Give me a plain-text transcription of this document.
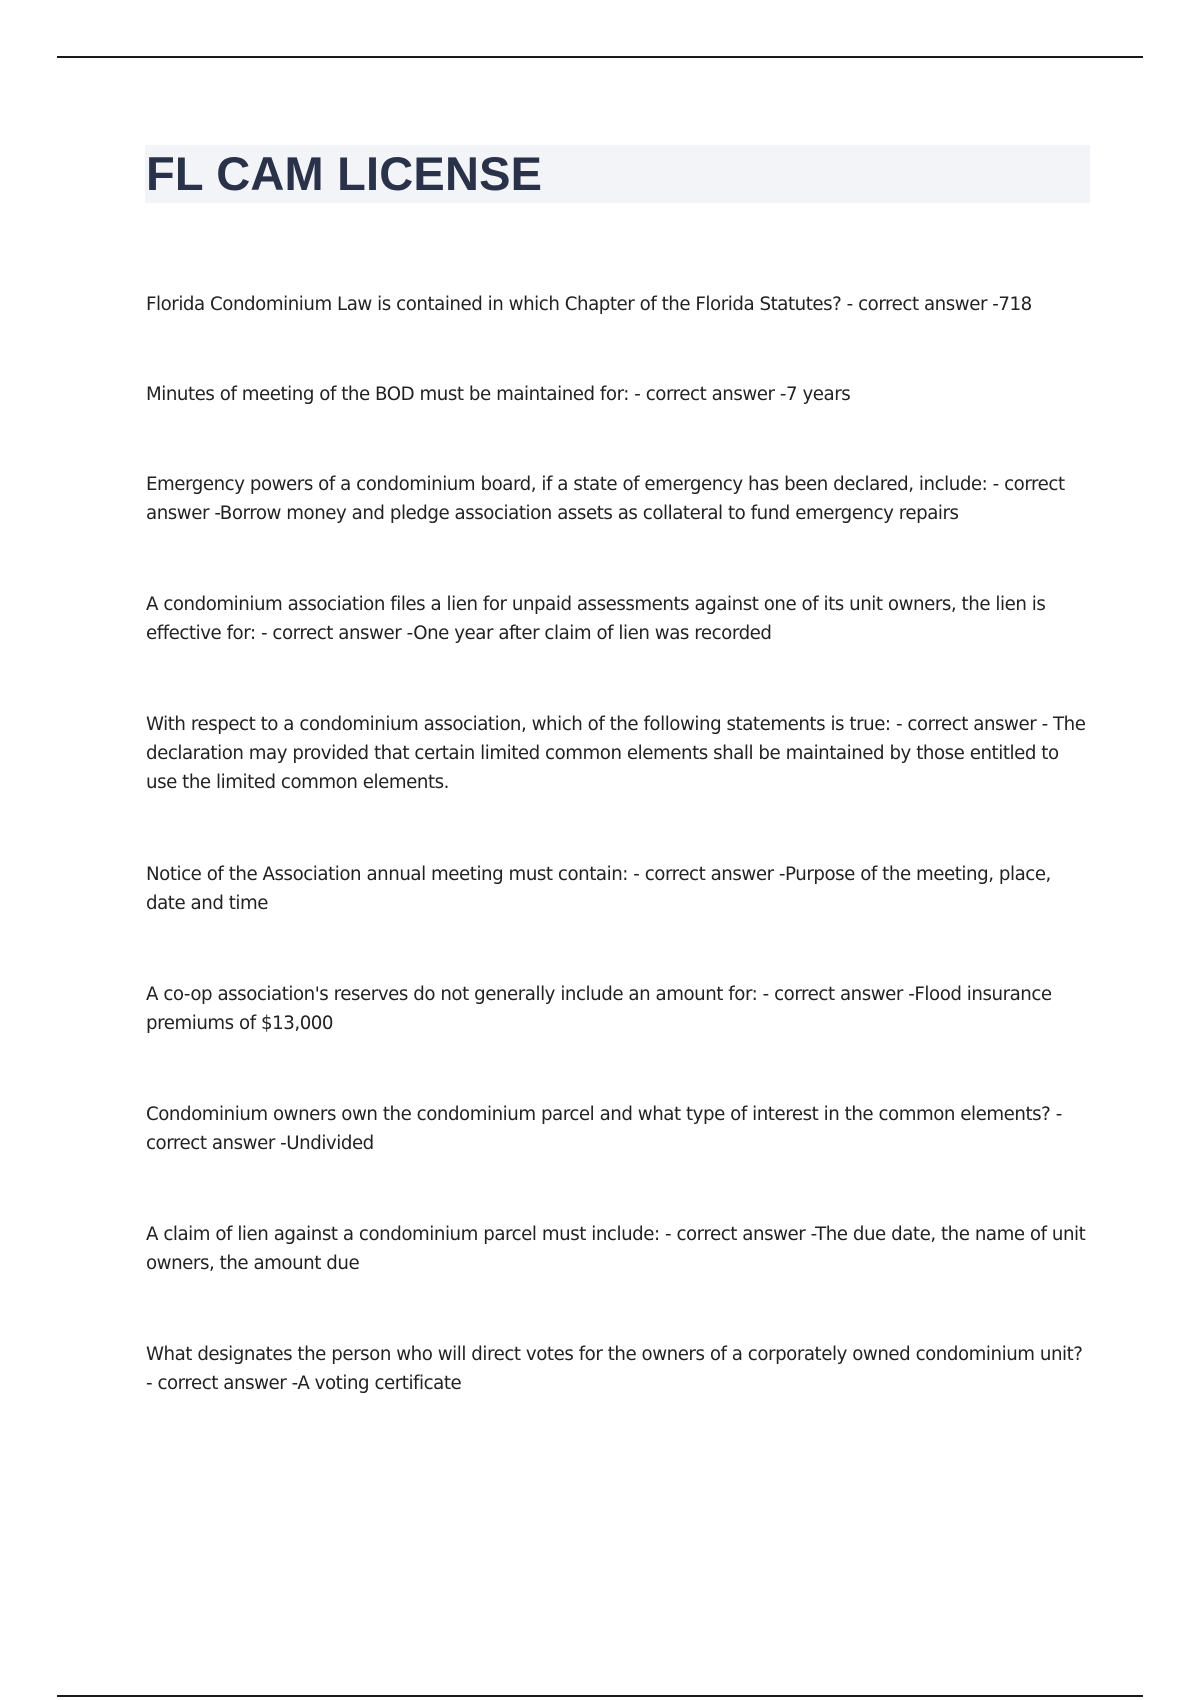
FL CAM LICENSE
Florida Condominium Law is contained in which Chapter of the Florida Statutes? - correct answer -718
Minutes of meeting of the BOD must be maintained for: - correct answer -7 years
Emergency powers of a condominium board, if a state of emergency has been declared, include: - correct answer -Borrow money and pledge association assets as collateral to fund emergency repairs
A condominium association files a lien for unpaid assessments against one of its unit owners, the lien is effective for: - correct answer -One year after claim of lien was recorded
With respect to a condominium association, which of the following statements is true: - correct answer - The declaration may provided that certain limited common elements shall be maintained by those entitled to use the limited common elements.
Notice of the Association annual meeting must contain: - correct answer -Purpose of the meeting, place, date and time
A co-op association's reserves do not generally include an amount for: - correct answer -Flood insurance premiums of $13,000
Condominium owners own the condominium parcel and what type of interest in the common elements? - correct answer -Undivided
A claim of lien against a condominium parcel must include: - correct answer -The due date, the name of unit owners, the amount due
What designates the person who will direct votes for the owners of a corporately owned condominium unit? - correct answer -A voting certificate
